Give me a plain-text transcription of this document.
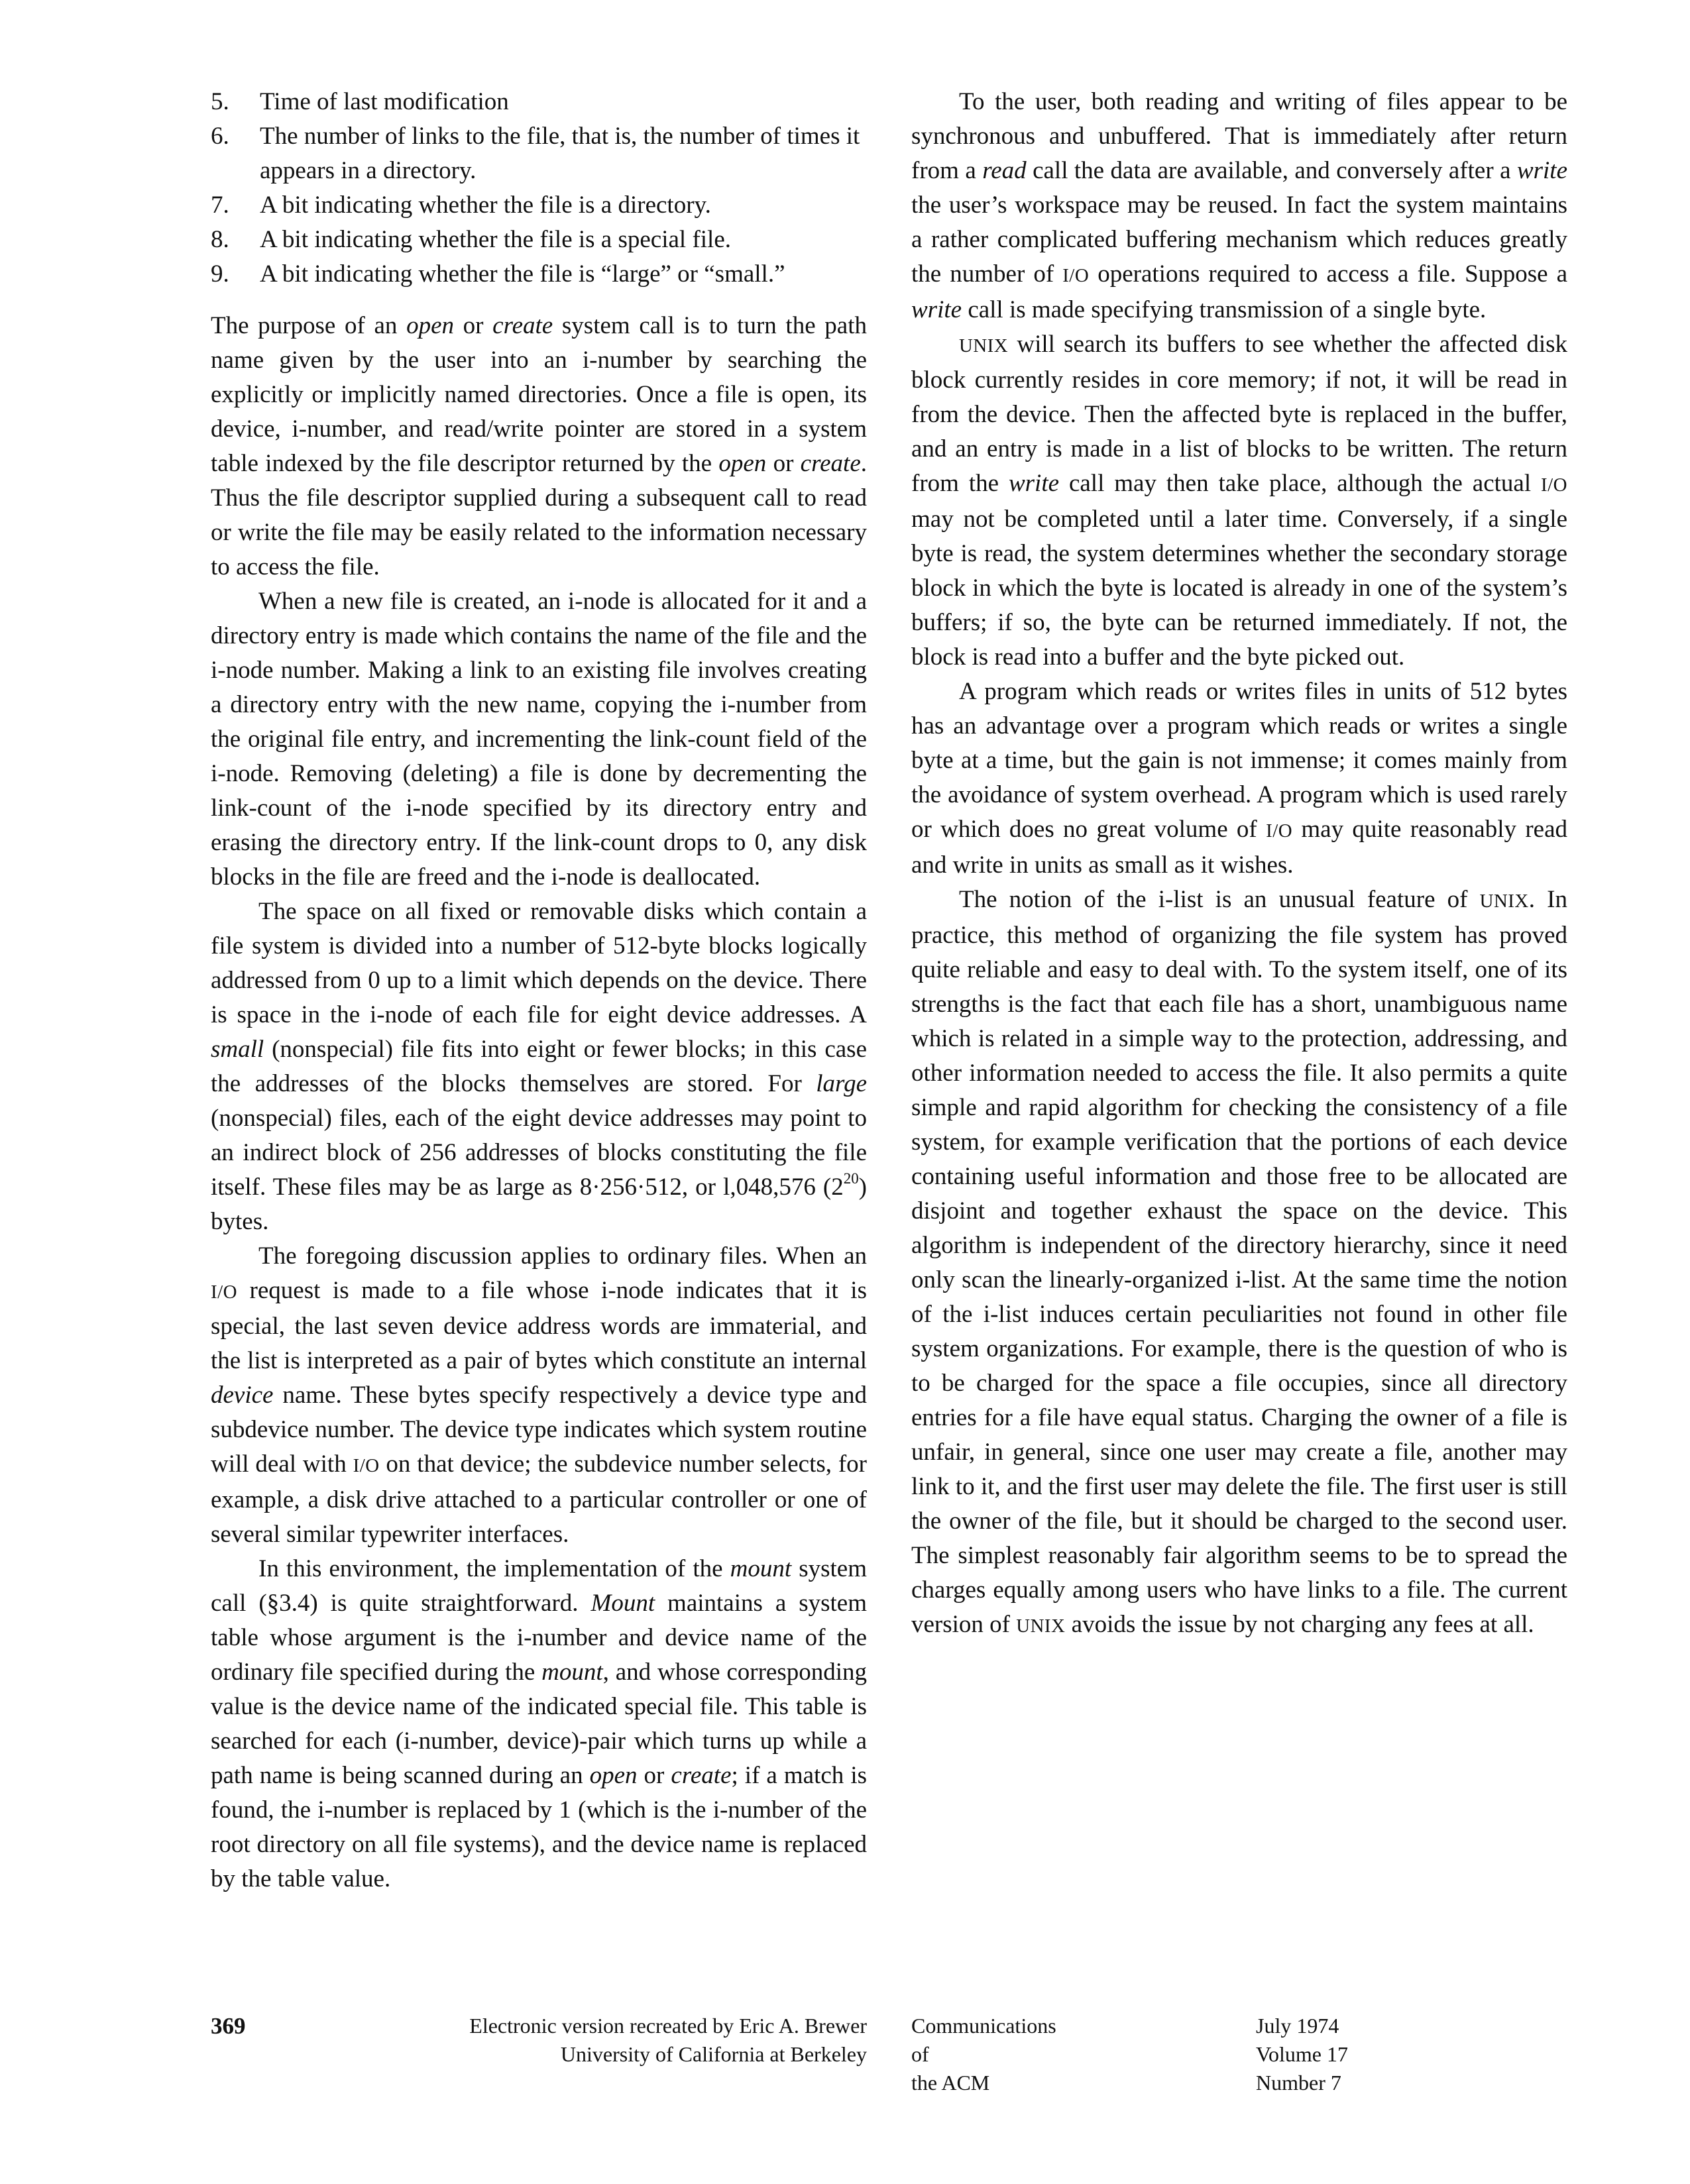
5. Time of last modification
6. The number of links to the file, that is, the number of times it appears in a directory.
7. A bit indicating whether the file is a directory.
8. A bit indicating whether the file is a special file.
9. A bit indicating whether the file is “large” or “small.”

The purpose of an open or create system call is to turn the path name given by the user into an i-number by searching the explicitly or implicitly named directories. Once a file is open, its device, i-number, and read/write pointer are stored in a system table indexed by the file descriptor returned by the open or create. Thus the file descriptor supplied during a subsequent call to read or write the file may be easily related to the information necessary to access the file.

When a new file is created, an i-node is allocated for it and a directory entry is made which contains the name of the file and the i-node number. Making a link to an existing file involves creating a directory entry with the new name, copying the i-number from the original file entry, and incrementing the link-count field of the i-node. Removing (deleting) a file is done by decrementing the link-count of the i-node specified by its directory entry and erasing the directory entry. If the link-count drops to 0, any disk blocks in the file are freed and the i-node is deallocated.

The space on all fixed or removable disks which contain a file system is divided into a number of 512-byte blocks logically addressed from 0 up to a limit which depends on the device. There is space in the i-node of each file for eight device addresses. A small (nonspecial) file fits into eight or fewer blocks; in this case the addresses of the blocks themselves are stored. For large (nonspecial) files, each of the eight device addresses may point to an indirect block of 256 addresses of blocks constituting the file itself. These files may be as large as 8·256·512, or l,048,576 $(2^{20})$ bytes.

The foregoing discussion applies to ordinary files. When an I/O request is made to a file whose i-node indicates that it is special, the last seven device address words are immaterial, and the list is interpreted as a pair of bytes which constitute an internal device name. These bytes specify respectively a device type and subdevice number. The device type indicates which system routine will deal with I/O on that device; the subdevice number selects, for example, a disk drive attached to a particular controller or one of several similar typewriter interfaces.

In this environment, the implementation of the mount system call (§3.4) is quite straightforward. Mount maintains a system table whose argument is the i-number and device name of the ordinary file specified during the mount, and whose corresponding value is the device name of the indicated special file. This table is searched for each (i-number, device)-pair which turns up while a path name is being scanned during an open or create; if a match is found, the i-number is replaced by 1 (which is the i-number of the root directory on all file systems), and the device name is replaced by the table value.

To the user, both reading and writing of files appear to be synchronous and unbuffered. That is immediately after return from a read call the data are available, and conversely after a write the user’s workspace may be reused. In fact the system maintains a rather complicated buffering mechanism which reduces greatly the number of I/O operations required to access a file. Suppose a write call is made specifying transmission of a single byte.

UNIX will search its buffers to see whether the affected disk block currently resides in core memory; if not, it will be read in from the device. Then the affected byte is replaced in the buffer, and an entry is made in a list of blocks to be written. The return from the write call may then take place, although the actual I/O may not be completed until a later time. Conversely, if a single byte is read, the system determines whether the secondary storage block in which the byte is located is already in one of the system’s buffers; if so, the byte can be returned immediately. If not, the block is read into a buffer and the byte picked out.

A program which reads or writes files in units of 512 bytes has an advantage over a program which reads or writes a single byte at a time, but the gain is not immense; it comes mainly from the avoidance of system overhead. A program which is used rarely or which does no great volume of I/O may quite reasonably read and write in units as small as it wishes.

The notion of the i-list is an unusual feature of UNIX. In practice, this method of organizing the file system has proved quite reliable and easy to deal with. To the system itself, one of its strengths is the fact that each file has a short, unambiguous name which is related in a simple way to the protection, addressing, and other information needed to access the file. It also permits a quite simple and rapid algorithm for checking the consistency of a file system, for example verification that the portions of each device containing useful information and those free to be allocated are disjoint and together exhaust the space on the device. This algorithm is independent of the directory hierarchy, since it need only scan the linearly-organized i-list. At the same time the notion of the i-list induces certain peculiarities not found in other file system organizations. For example, there is the question of who is to be charged for the space a file occupies, since all directory entries for a file have equal status. Charging the owner of a file is unfair, in general, since one user may create a file, another may link to it, and the first user may delete the file. The first user is still the owner of the file, but it should be charged to the second user. The simplest reasonably fair algorithm seems to be to spread the charges equally among users who have links to a file. The current version of UNIX avoids the issue by not charging any fees at all.

369	Electronic version recreated by Eric A. Brewer
University of California at Berkeley
Communications
of
the ACM
July 1974
Volume 17
Number 7
